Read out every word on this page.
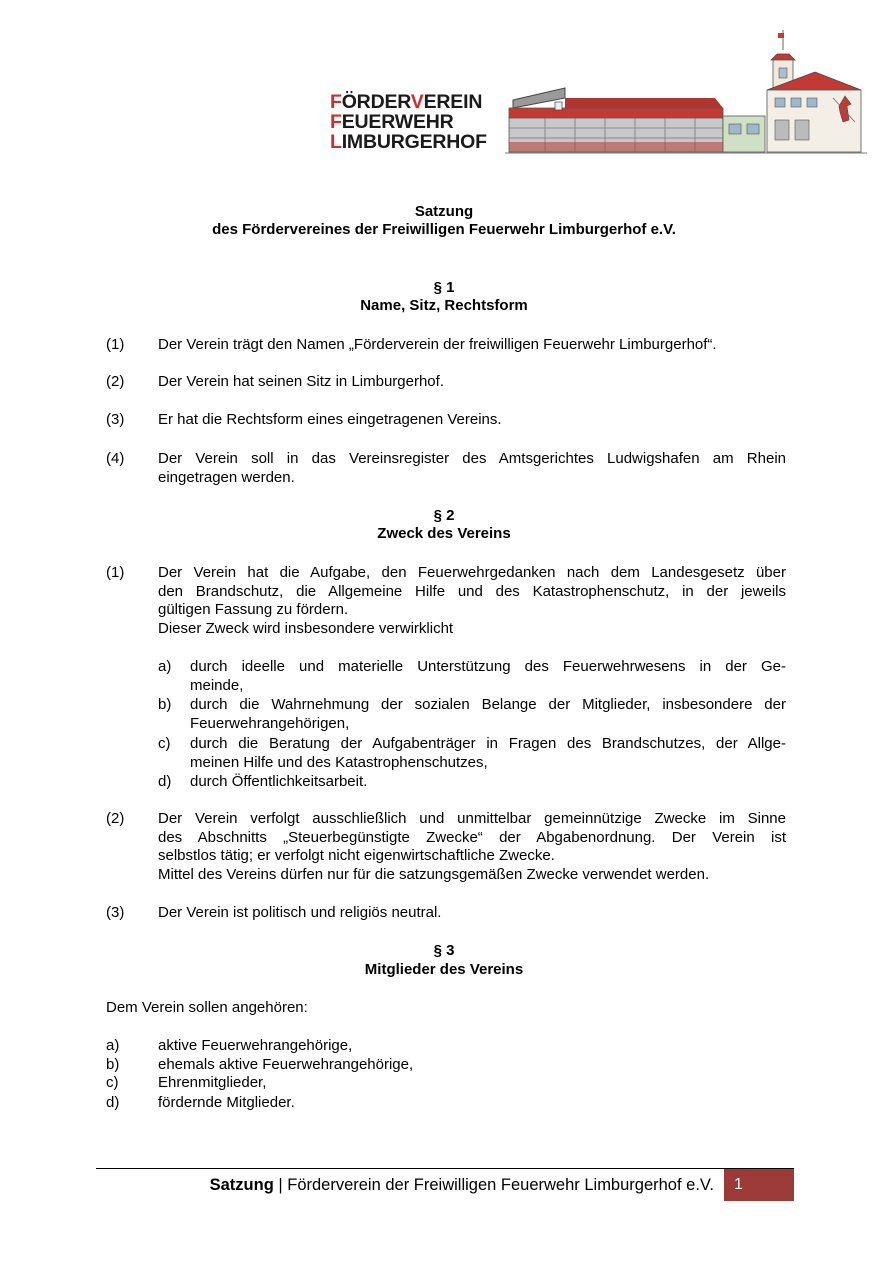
FÖRDERVEREIN
FEUERWEHR
LIMBURGERHOF
Satzung
des Fördervereines der Freiwilligen Feuerwehr Limburgerhof e.V.
§ 1
Name, Sitz, Rechtsform
(1) Der Verein trägt den Namen „Förderverein der freiwilligen Feuerwehr Limburgerhof“.
(2) Der Verein hat seinen Sitz in Limburgerhof.
(3) Er hat die Rechtsform eines eingetragenen Vereins.
(4) Der Verein soll in das Vereinsregister des Amtsgerichtes Ludwigshafen am Rhein
eingetragen werden.
§ 2
Zweck des Vereins
(1) Der Verein hat die Aufgabe, den Feuerwehrgedanken nach dem Landesgesetz über
den Brandschutz, die Allgemeine Hilfe und des Katastrophenschutz, in der jeweils
gültigen Fassung zu fördern.
Dieser Zweck wird insbesondere verwirklicht
a) durch ideelle und materielle Unterstützung des Feuerwehrwesens in der Ge-
meinde,
b) durch die Wahrnehmung der sozialen Belange der Mitglieder, insbesondere der
Feuerwehrangehörigen,
c) durch die Beratung der Aufgabenträger in Fragen des Brandschutzes, der Allge-
meinen Hilfe und des Katastrophenschutzes,
d) durch Öffentlichkeitsarbeit.
(2) Der Verein verfolgt ausschließlich und unmittelbar gemeinnützige Zwecke im Sinne
des Abschnitts „Steuerbegünstigte Zwecke“ der Abgabenordnung. Der Verein ist
selbstlos tätig; er verfolgt nicht eigenwirtschaftliche Zwecke.
Mittel des Vereins dürfen nur für die satzungsgemäßen Zwecke verwendet werden.
(3) Der Verein ist politisch und religiös neutral.
§ 3
Mitglieder des Vereins
Dem Verein sollen angehören:
a)	aktive Feuerwehrangehörige,
b)	ehemals aktive Feuerwehrangehörige,
c)	Ehrenmitglieder,
d)	fördernde Mitglieder.
Satzung | Förderverein der Freiwilligen Feuerwehr Limburgerhof e.V.	1
